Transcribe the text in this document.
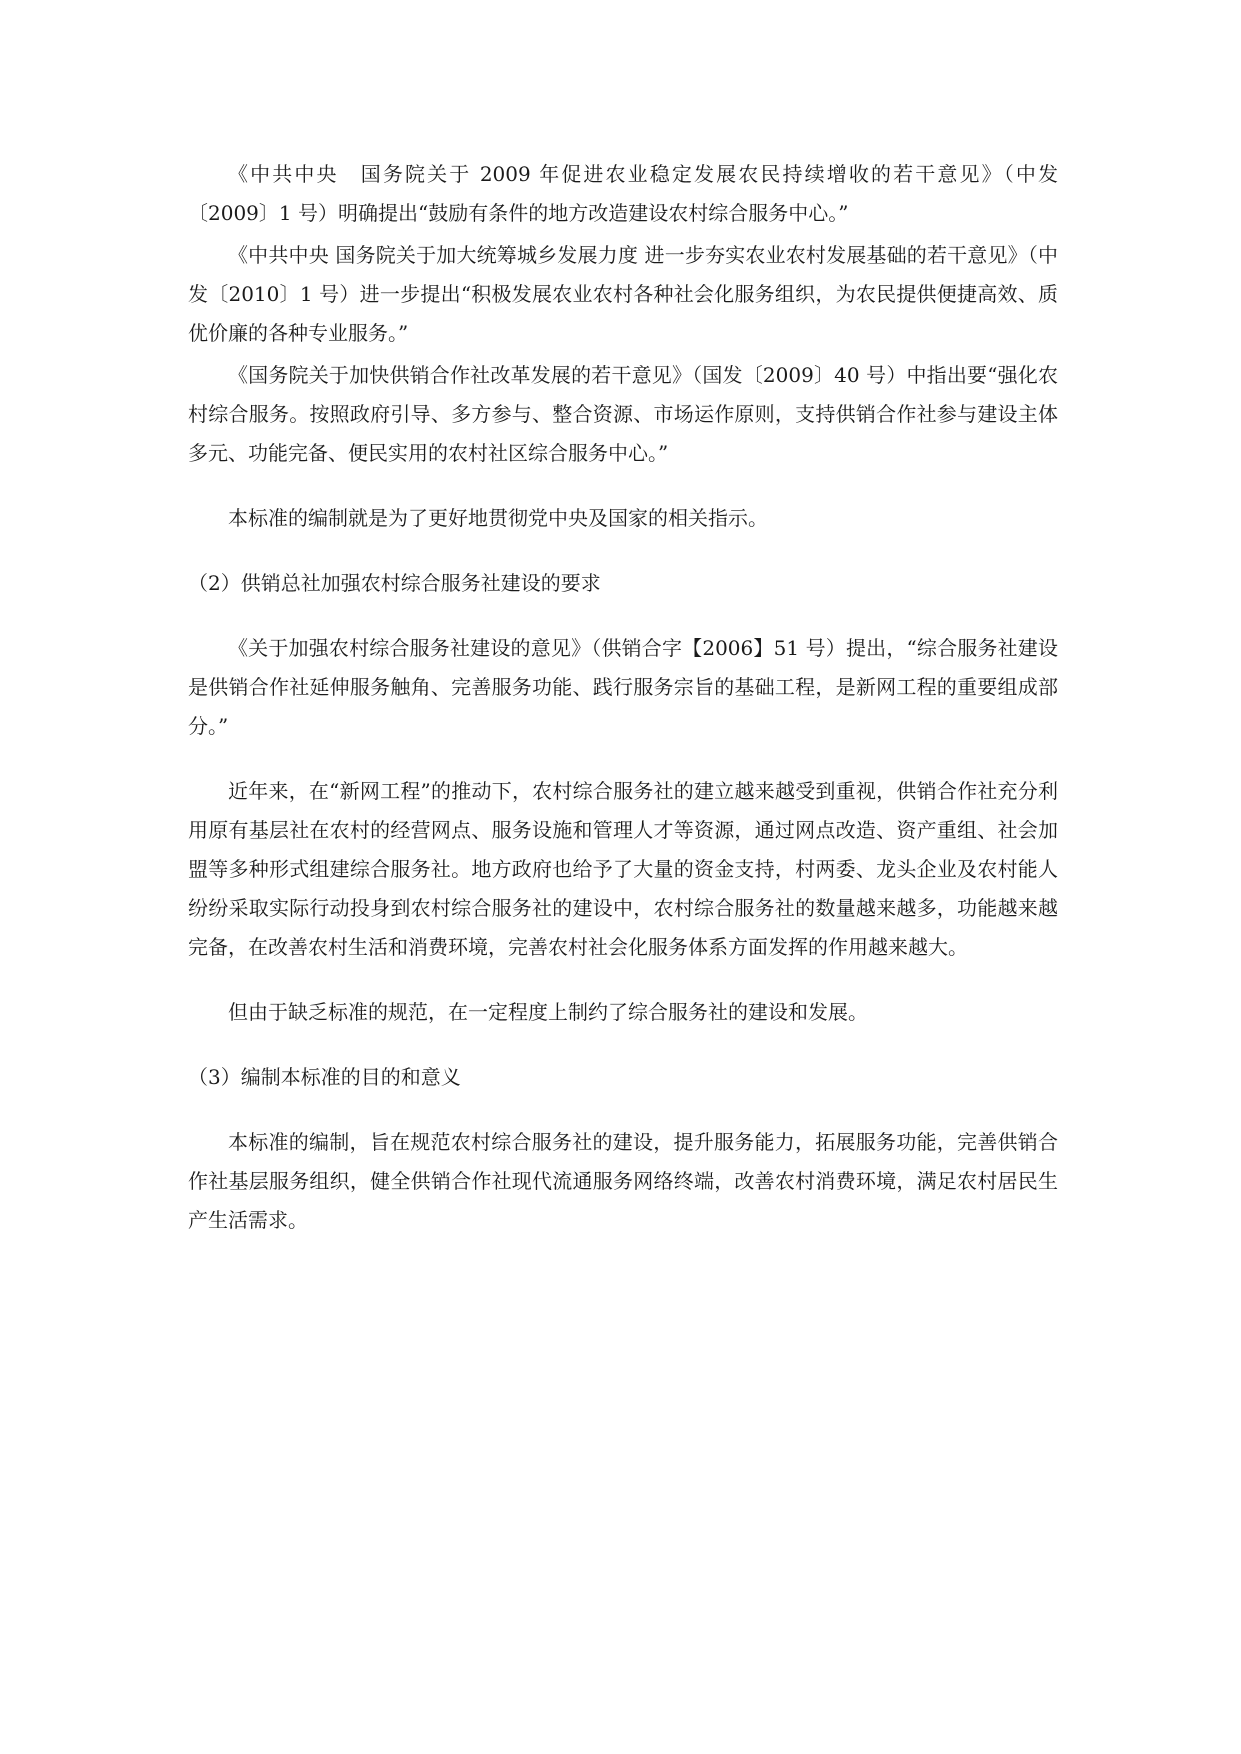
《中共中央　国务院关于 2009 年促进农业稳定发展农民持续增收的若干意见》（中发〔2009〕1 号）明确提出“鼓励有条件的地方改造建设农村综合服务中心。”

《中共中央 国务院关于加大统筹城乡发展力度 进一步夯实农业农村发展基础的若干意见》（中发〔2010〕1 号）进一步提出“积极发展农业农村各种社会化服务组织，为农民提供便捷高效、质优价廉的各种专业服务。”

《国务院关于加快供销合作社改革发展的若干意见》（国发〔2009〕40 号）中指出要“强化农村综合服务。按照政府引导、多方参与、整合资源、市场运作原则，支持供销合作社参与建设主体多元、功能完备、便民实用的农村社区综合服务中心。”

本标准的编制就是为了更好地贯彻党中央及国家的相关指示。

（2）供销总社加强农村综合服务社建设的要求

《关于加强农村综合服务社建设的意见》（供销合字【2006】51 号）提出，“综合服务社建设是供销合作社延伸服务触角、完善服务功能、践行服务宗旨的基础工程，是新网工程的重要组成部分。”

近年来，在“新网工程”的推动下，农村综合服务社的建立越来越受到重视，供销合作社充分利用原有基层社在农村的经营网点、服务设施和管理人才等资源，通过网点改造、资产重组、社会加盟等多种形式组建综合服务社。地方政府也给予了大量的资金支持，村两委、龙头企业及农村能人纷纷采取实际行动投身到农村综合服务社的建设中，农村综合服务社的数量越来越多，功能越来越完备，在改善农村生活和消费环境，完善农村社会化服务体系方面发挥的作用越来越大。

但由于缺乏标准的规范，在一定程度上制约了综合服务社的建设和发展。

（3）编制本标准的目的和意义

本标准的编制，旨在规范农村综合服务社的建设，提升服务能力，拓展服务功能，完善供销合作社基层服务组织，健全供销合作社现代流通服务网络终端，改善农村消费环境，满足农村居民生产生活需求。
